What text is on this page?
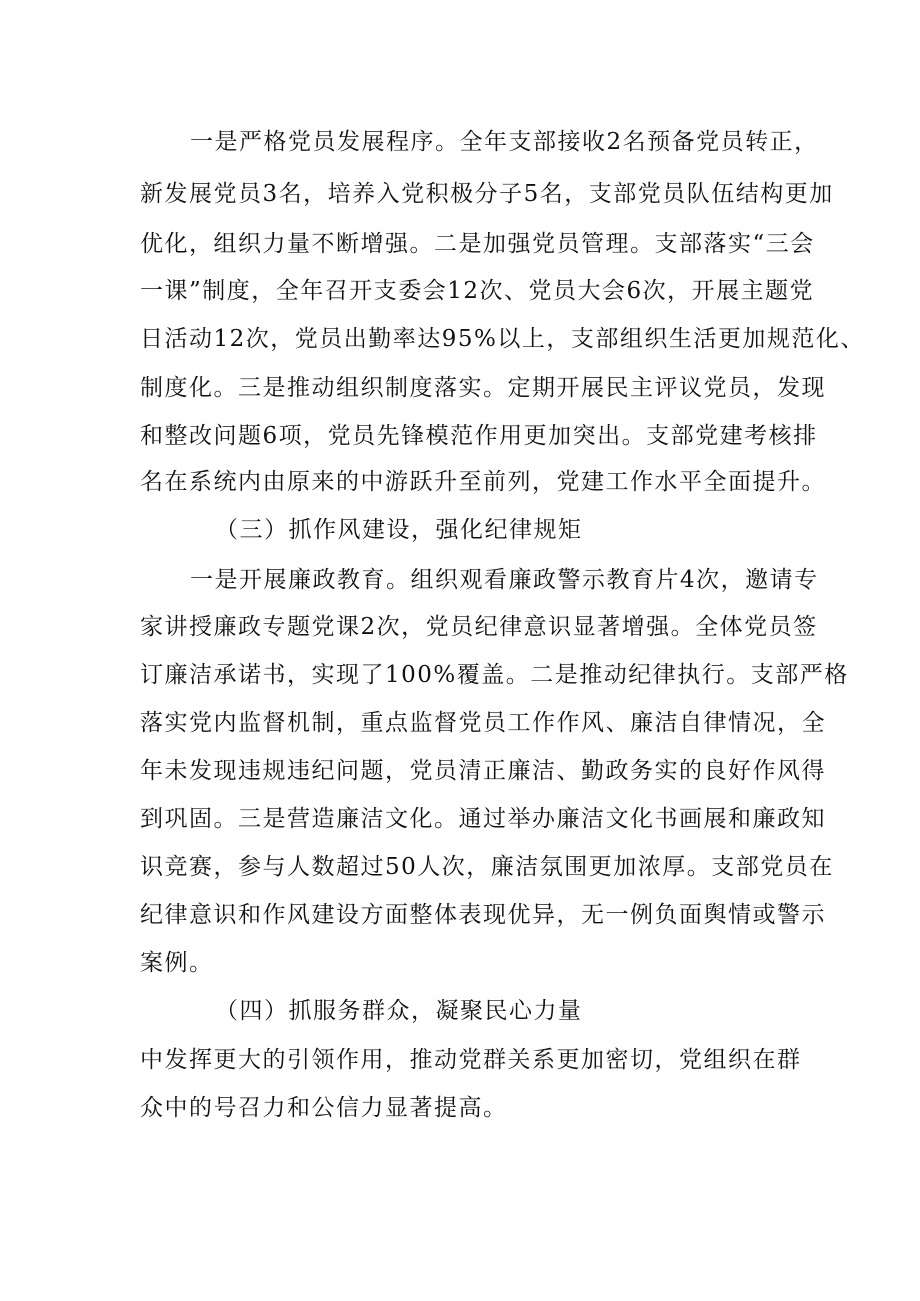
一是严格党员发展程序。全年支部接收2名预备党员转正，
新发展党员3名，培养入党积极分子5名，支部党员队伍结构更加
优化，组织力量不断增强。二是加强党员管理。支部落实“三会
一课”制度，全年召开支委会12次、党员大会6次，开展主题党
日活动12次，党员出勤率达95%以上，支部组织生活更加规范化、
制度化。三是推动组织制度落实。定期开展民主评议党员，发现
和整改问题6项，党员先锋模范作用更加突出。支部党建考核排
名在系统内由原来的中游跃升至前列，党建工作水平全面提升。
（三）抓作风建设，强化纪律规矩
一是开展廉政教育。组织观看廉政警示教育片4次，邀请专
家讲授廉政专题党课2次，党员纪律意识显著增强。全体党员签
订廉洁承诺书，实现了100%覆盖。二是推动纪律执行。支部严格
落实党内监督机制，重点监督党员工作作风、廉洁自律情况，全
年未发现违规违纪问题，党员清正廉洁、勤政务实的良好作风得
到巩固。三是营造廉洁文化。通过举办廉洁文化书画展和廉政知
识竞赛，参与人数超过50人次，廉洁氛围更加浓厚。支部党员在
纪律意识和作风建设方面整体表现优异，无一例负面舆情或警示
案例。
（四）抓服务群众，凝聚民心力量
中发挥更大的引领作用，推动党群关系更加密切，党组织在群
众中的号召力和公信力显著提高。
